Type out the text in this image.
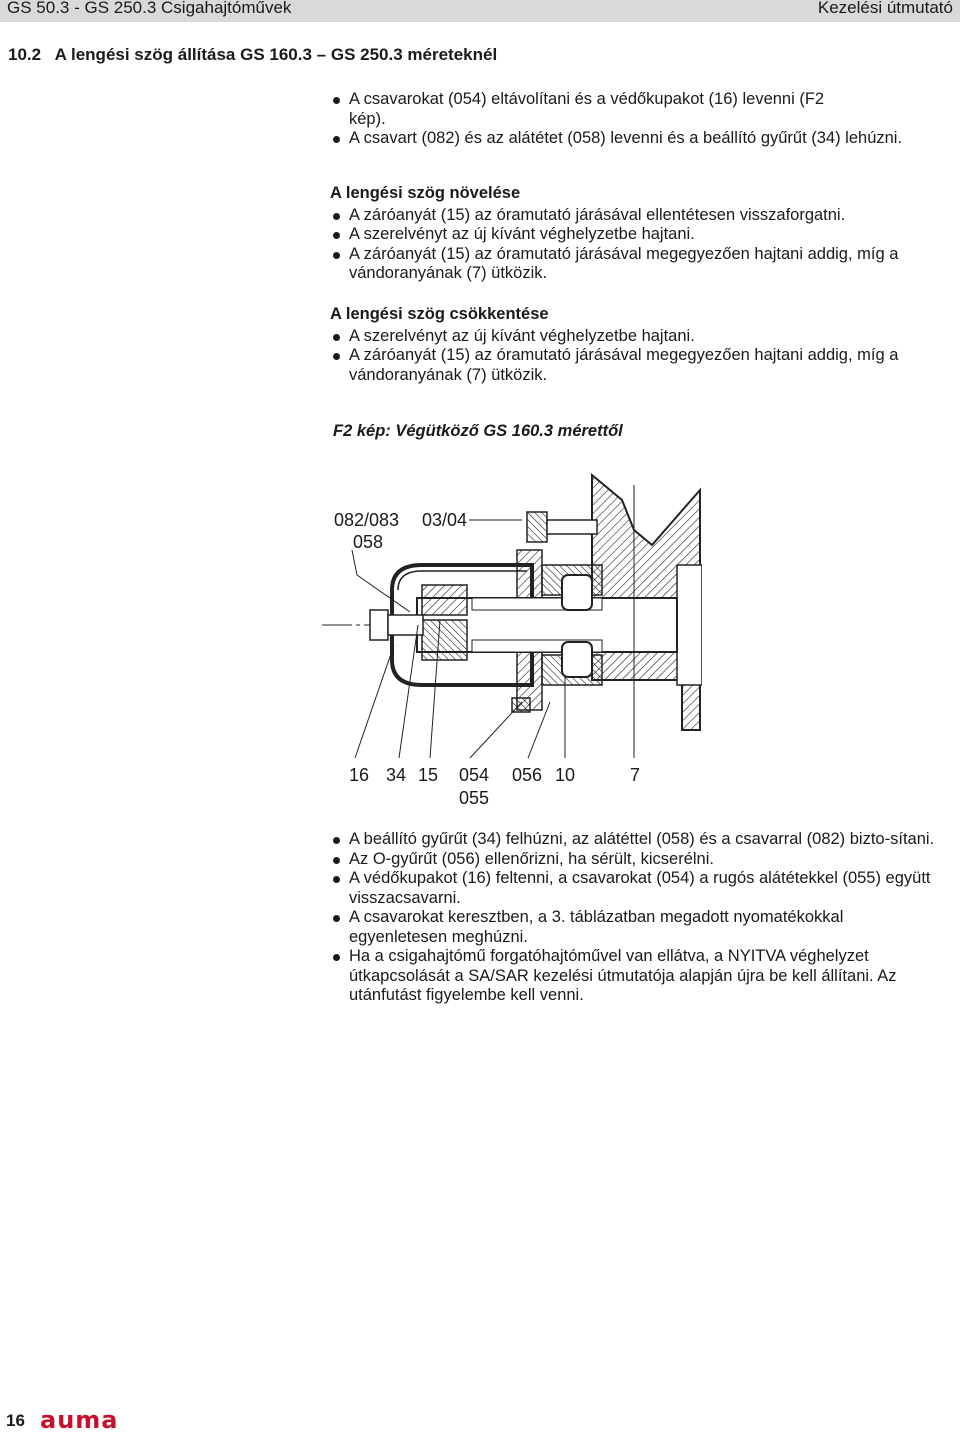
GS 50.3 - GS 250.3 Csigahajtóművek	Kezelési útmutató
10.2   A lengési szög állítása GS 160.3 – GS 250.3 méreteknél
A csavarokat (054) eltávolítani és a védőkupakot (16) levenni (F2 kép).
A csavart (082) és az alátétet (058) levenni és a beállító gyűrűt (34) lehúzni.
A lengési szög növelése
A záróanyát (15) az óramutató járásával ellentétesen visszaforgatni.
A szerelvényt az új kívánt véghelyzetbe hajtani.
A záróanyát (15) az óramutató járásával megegyezően hajtani addig, míg a vándoranyának (7) ütközik.
A lengési szög csökkentése
A szerelvényt az új kívánt véghelyzetbe hajtani.
A záróanyát (15) az óramutató járásával megegyezően hajtani addig, míg a vándoranyának (7) ütközik.
F2 kép: Végütköző GS 160.3 mérettől
082/083
058
03/04
16 34 15 054
055
056 10	7
A beállító gyűrűt (34) felhúzni, az alátéttel (058) és a csavarral (082) bizto-sítani.
Az O-gyűrűt (056) ellenőrizni, ha sérült, kicserélni.
A védőkupakot (16) feltenni, a csavarokat (054) a rugós alátétekkel (055) együtt visszacsavarni.
A csavarokat keresztben, a 3. táblázatban megadott nyomatékokkal egyenletesen meghúzni.
Ha a csigahajtómű forgatóhajtóművel van ellátva, a NYITVA véghelyzet útkapcsolását a SA/SAR kezelési útmutatója alapján újra be kell állítani. Az utánfutást figyelembe kell venni.
16 auma
